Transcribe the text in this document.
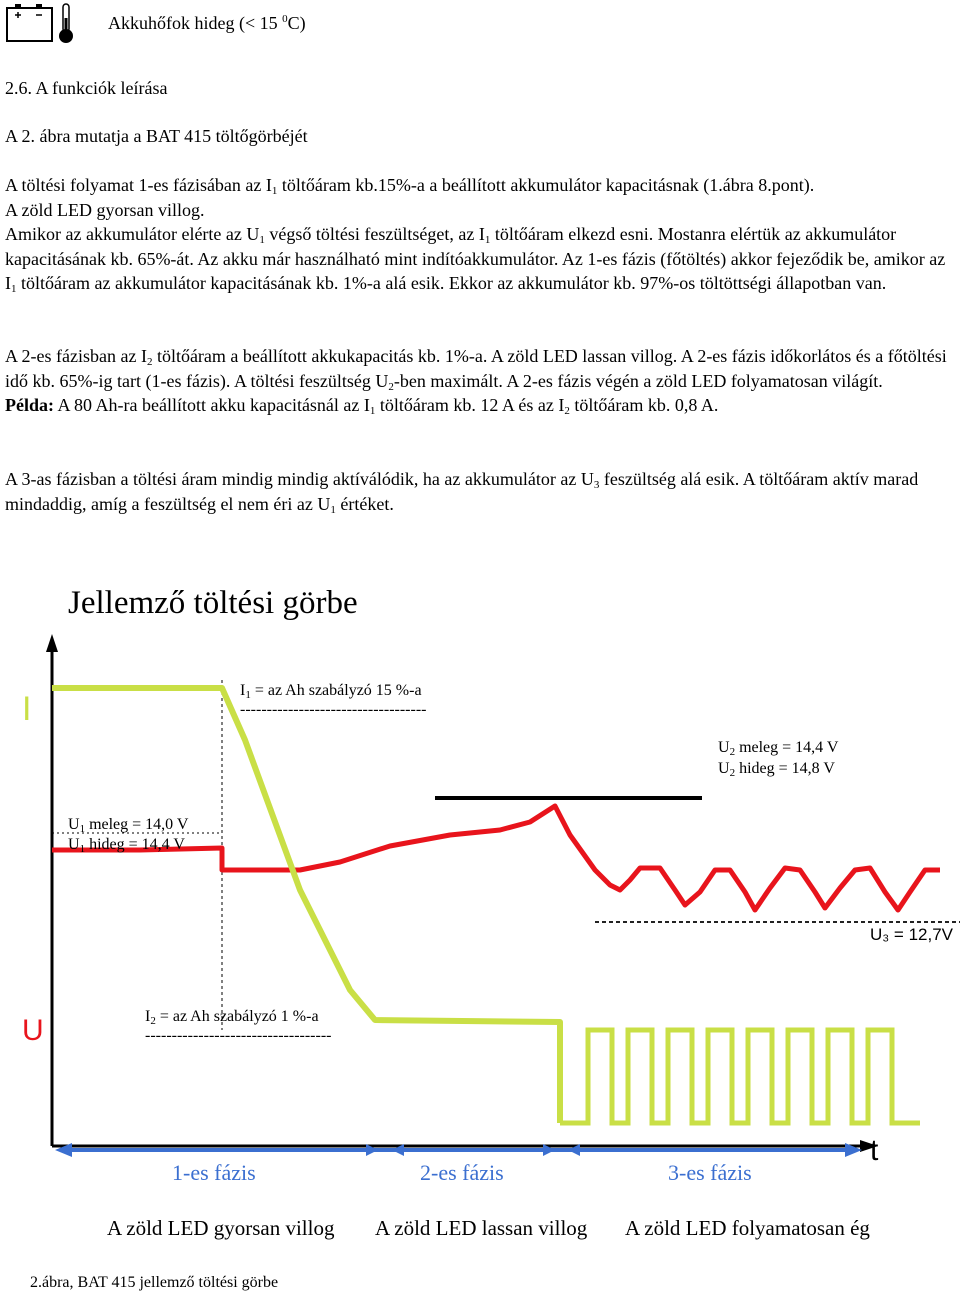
Akkuhőfok hideg (< 15 $^0$C)
2.6. A funkciók leírása
A 2. ábra mutatja a BAT 415 töltőgörbéjét
A töltési folyamat 1-es fázisában az $I_1$ töltőáram kb.15%-a a beállított akkumulátor kapacitásnak (1.ábra 8.pont).
A zöld LED gyorsan villog.
Amikor az akkumulátor elérte az $U_1$ végső töltési feszültséget, az $I_1$ töltőáram elkezd esni. Mostanra elértük az akkumulátor kapacitásának kb. 65%-át. Az akku már használható mint indítóakkumulátor. Az 1-es fázis (főtöltés) akkor fejeződik be, amikor az $I_1$ töltőáram az akkumulátor kapacitásának kb. 1%-a alá esik. Ekkor az akkumulátor kb. 97%-os töltöttségi állapotban van.
A 2-es fázisban az $I_2$ töltőáram a beállított akkukapacitás kb. 1%-a. A zöld LED lassan villog. A 2-es fázis időkorlátos és a főtöltési idő kb. 65%-ig tart (1-es fázis). A töltési feszültség $U_2$-ben maximált. A 2-es fázis végén a zöld LED folyamatosan világít.
Példa: A 80 Ah-ra beállított akku kapacitásnál az $I_1$ töltőáram kb. 12 A és az $I_2$ töltőáram kb. 0,8 A.
A 3-as fázisban a töltési áram mindig mindig aktíválódik, ha az akkumulátor az $U_3$ feszültség alá esik. A töltőáram aktív marad mindaddig, amíg a feszültség el nem éri az $U_1$ értéket.
Jellemző töltési görbe
I
U
t
$I_1$ = az Ah szabályzó 15 %-a
-----------------------------------
$U_2$ meleg = 14,4 V
$U_2$ hideg = 14,8 V
$U_1$ meleg = 14,0 V
$U_1$ hideg = 14,4 V
U₃ = 12,7V
$I_2$ = az Ah szabályzó 1 %-a
-----------------------------------
1-es fázis	2-es fázis	3-es fázis
A zöld LED gyorsan villog A zöld LED lassan villog A zöld LED folyamatosan ég
2.ábra, BAT 415 jellemző töltési görbe
